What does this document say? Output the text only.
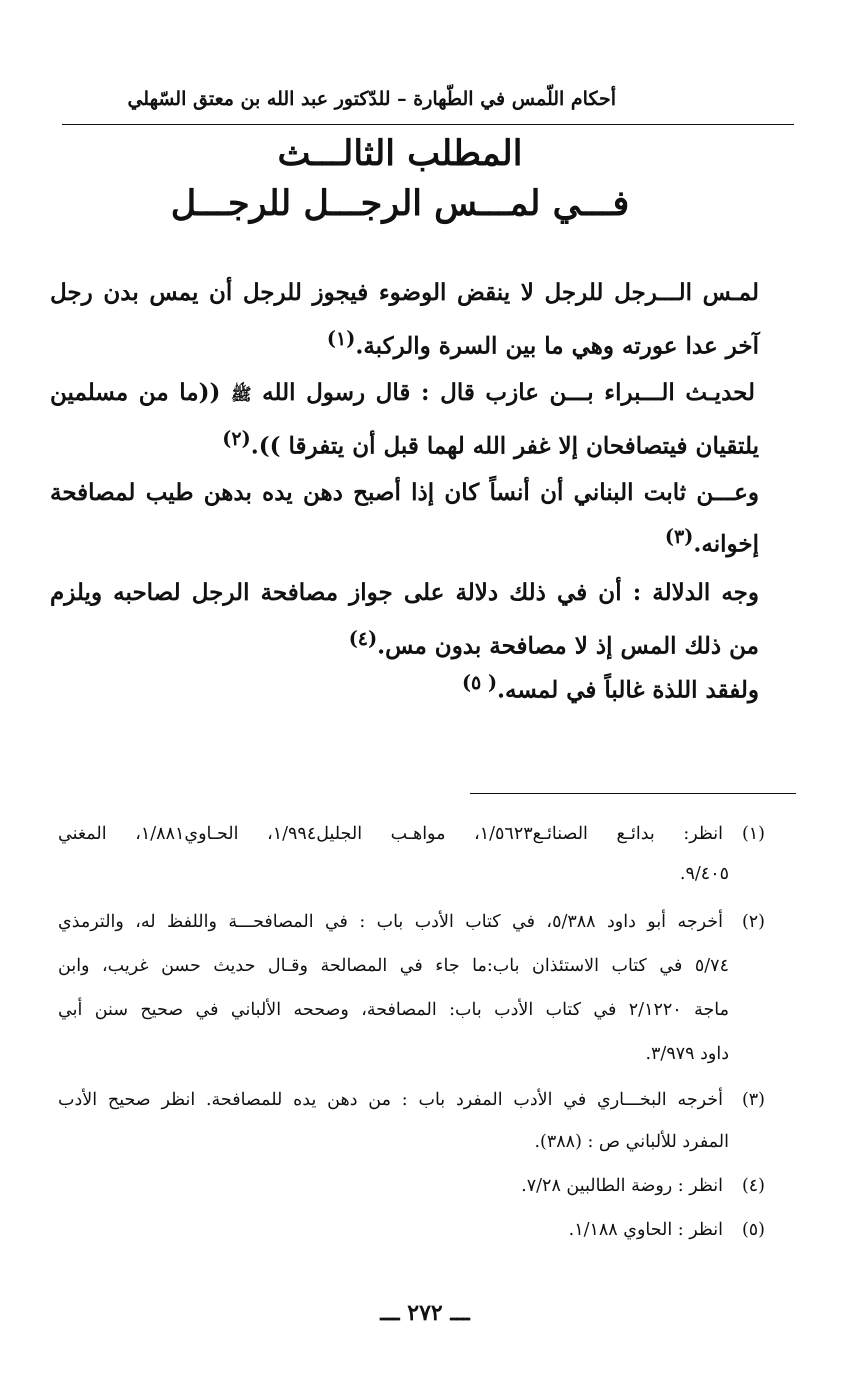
أحكام اللّمس في الطّهارة – للدّكتور عبد الله بن معتق السّهلي
المطلب الثالـــث
فـــي لمـــس الرجـــل للرجـــل
لمـس الـــرجل للرجل لا ينقض الوضوء فيجوز للرجل أن يمس بدن رجل
آخر عدا عورته وهي ما بين السرة والركبة.$^{(١)}$
لحديـث الـــبراء بـــن عازب قال : قال رسول الله ﷺ ((ما من مسلمين
يلتقيان فيتصافحان إلا غفر الله لهما قبل أن يتفرقا )).$^{(٢)}$
وعـــن ثابت البناني أن أنساً كان إذا أصبح دهن يده بدهن طيب لمصافحة
إخوانه.$^{(٣)}$
وجه الدلالة : أن في ذلك دلالة على جواز مصافحة الرجل لصاحبه ويلزم
من ذلك المس إذ لا مصافحة بدون مس.$^{(٤)}$
ولفقد اللذة غالباً في لمسه.$^{( ٥)}$
(١)انظر: بدائـع الصنائـع١/٥٦٢٣، مواهـب الجليل١/٩٩٤، الحـاوي١/٨٨١، المغني
٩/٤٠٥.
(٢)أخرجه أبو داود ٥/٣٨٨، في كتاب الأدب باب : في المصافحـــة واللفظ له، والترمذي
٥/٧٤ في كتاب الاستئذان باب:ما جاء في المصالحة وقـال حديث حسن غريب، وابن
ماجة ٢/١٢٢٠ في كتاب الأدب باب: المصافحة، وصححه الألباني في صحيح سنن أبي
داود ٣/٩٧٩.
(٣)أخرجه البخـــاري في الأدب المفرد باب : من دهن يده للمصافحة. انظر صحيح الأدب
المفرد للألباني ص : (٣٨٨).
(٤)انظر : روضة الطالبين ٧/٢٨.
(٥)انظر : الحاوي ١/١٨٨.
ـــ ٢٧٢ ـــ
